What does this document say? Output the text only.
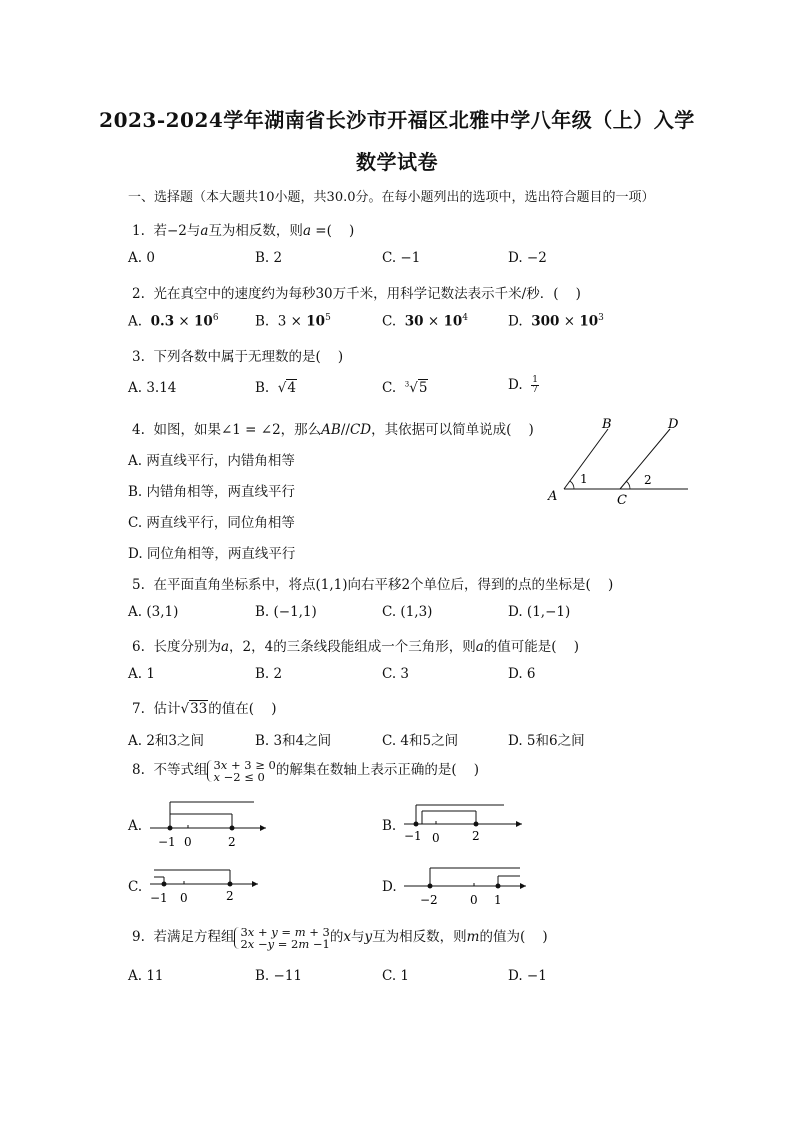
2023-2024学年湖南省长沙市开福区北雅中学八年级（上）入学
数学试卷
一、选择题（本大题共10小题，共30.0分。在每小题列出的选项中，选出符合题目的一项）
1.  若−2与a互为相反数，则a =(    )
A. 0	B. 2	C. −1	D. −2
2.  光在真空中的速度约为每秒30万千米，用科学记数法表示千米/秒．(    )
A.  $0.3 \times 10^6$	B.  $3 \times 10^5$	C.  $30 \times 10^4$	D.  $300 \times 10^3$
3.  下列各数中属于无理数的是(    )
A. 3.14	B.  √4	C.  $^3$√5	D. $\frac{1}{7}$
4.  如图，如果∠1 = ∠2，那么AB//CD，其依据可以简单说成(    )
A. 两直线平行，内错角相等
B. 内错角相等，两直线平行
C. 两直线平行，同位角相等
D. 同位角相等，两直线平行
B	D
A	C
1	2
5.  在平面直角坐标系中，将点(1,1)向右平移2个单位后，得到的点的坐标是(    )
A. (3,1)	B. (−1,1)	C. (1,3)	D. (1,−1)
6.  长度分别为a，2，4的三条线段能组成一个三角形，则a的值可能是(    )
A. 1	B. 2	C. 3	D. 6
7.  估计√33的值在(    )
A. 2和3之间	B. 3和4之间	C. 4和5之间	D. 5和6之间
8.  不等式组 3x + 3 ≥ 0
x −2 ≤ 0 的解集在数轴上表示正确的是(    )
A.
−1 0	2
B.
−1 0	2
C.
−1 0	2
D.
−2	0 1
9.  若满足方程组 3x + y = m + 3
2x −y = 2m −1 的x与y互为相反数，则m的值为(    )
A. 11	B. −11	C. 1	D. −1
